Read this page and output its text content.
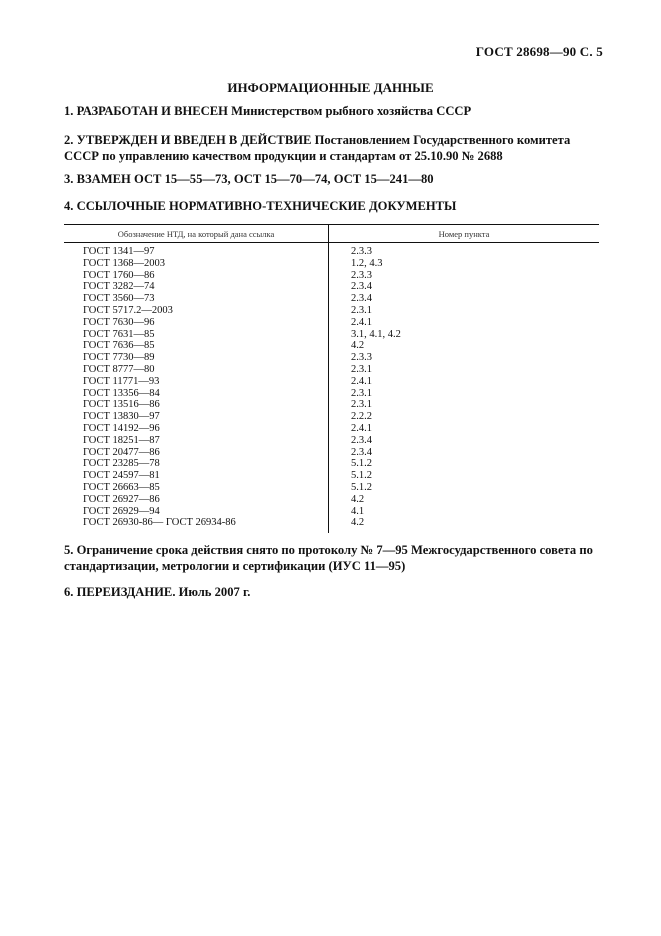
ГОСТ 28698—90 С. 5
ИНФОРМАЦИОННЫЕ ДАННЫЕ
1. РАЗРАБОТАН И ВНЕСЕН Министерством рыбного хозяйства СССР
2. УТВЕРЖДЕН И ВВЕДЕН В ДЕЙСТВИЕ Постановлением Государственного комитета СССР по управлению качеством продукции и стандартам от 25.10.90 № 2688
3. ВЗАМЕН ОСТ 15—55—73, ОСТ 15—70—74, ОСТ 15—241—80
4. ССЫЛОЧНЫЕ НОРМАТИВНО-ТЕХНИЧЕСКИЕ ДОКУМЕНТЫ
Обозначение НТД, на который дана ссылка	Номер пункта
ГОСТ 1341—97	2.3.3
ГОСТ 1368—2003	1.2, 4.3
ГОСТ 1760—86	2.3.3
ГОСТ 3282—74	2.3.4
ГОСТ 3560—73	2.3.4
ГОСТ 5717.2—2003	2.3.1
ГОСТ 7630—96	2.4.1
ГОСТ 7631—85	3.1, 4.1, 4.2
ГОСТ 7636—85	4.2
ГОСТ 7730—89	2.3.3
ГОСТ 8777—80	2.3.1
ГОСТ 11771—93	2.4.1
ГОСТ 13356—84	2.3.1
ГОСТ 13516—86	2.3.1
ГОСТ 13830—97	2.2.2
ГОСТ 14192—96	2.4.1
ГОСТ 18251—87	2.3.4
ГОСТ 20477—86	2.3.4
ГОСТ 23285—78	5.1.2
ГОСТ 24597—81	5.1.2
ГОСТ 26663—85	5.1.2
ГОСТ 26927—86	4.2
ГОСТ 26929—94	4.1
ГОСТ 26930-86— ГОСТ 26934-86	4.2
5. Ограничение срока действия снято по протоколу № 7—95 Межгосударственного совета по стандартизации, метрологии и сертификации (ИУС 11—95)
6. ПЕРЕИЗДАНИЕ. Июль 2007 г.
